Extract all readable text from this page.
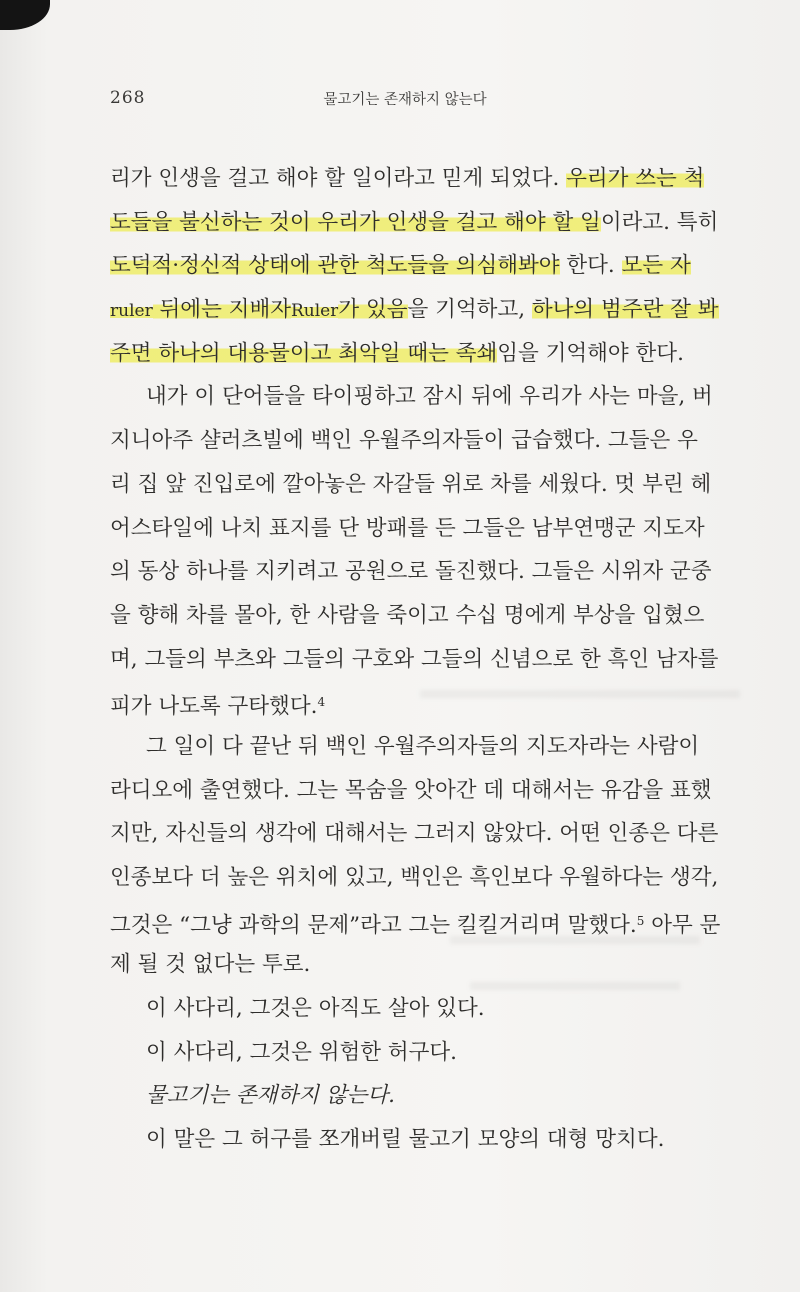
268	물고기는 존재하지 않는다
리가 인생을 걸고 해야 할 일이라고 믿게 되었다. 우리가 쓰는 척
도들을 불신하는 것이 우리가 인생을 걸고 해야 할 일이라고. 특히
도덕적·정신적 상태에 관한 척도들을 의심해봐야 한다. 모든 자
ruler 뒤에는 지배자Ruler가 있음을 기억하고, 하나의 범주란 잘 봐
주면 하나의 대용물이고 최악일 때는 족쇄임을 기억해야 한다.
내가 이 단어들을 타이핑하고 잠시 뒤에 우리가 사는 마을, 버
지니아주 샬러츠빌에 백인 우월주의자들이 급습했다. 그들은 우
리 집 앞 진입로에 깔아놓은 자갈들 위로 차를 세웠다. 멋 부린 헤
어스타일에 나치 표지를 단 방패를 든 그들은 남부연맹군 지도자
의 동상 하나를 지키려고 공원으로 돌진했다. 그들은 시위자 군중
을 향해 차를 몰아, 한 사람을 죽이고 수십 명에게 부상을 입혔으
며, 그들의 부츠와 그들의 구호와 그들의 신념으로 한 흑인 남자를
피가 나도록 구타했다.$^4$
그 일이 다 끝난 뒤 백인 우월주의자들의 지도자라는 사람이
라디오에 출연했다. 그는 목숨을 앗아간 데 대해서는 유감을 표했
지만, 자신들의 생각에 대해서는 그러지 않았다. 어떤 인종은 다른
인종보다 더 높은 위치에 있고, 백인은 흑인보다 우월하다는 생각,
그것은 “그냥 과학의 문제”라고 그는 킬킬거리며 말했다.$^5$ 아무 문
제 될 것 없다는 투로.
이 사다리, 그것은 아직도 살아 있다.
이 사다리, 그것은 위험한 허구다.
물고기는 존재하지 않는다.
이 말은 그 허구를 쪼개버릴 물고기 모양의 대형 망치다.
